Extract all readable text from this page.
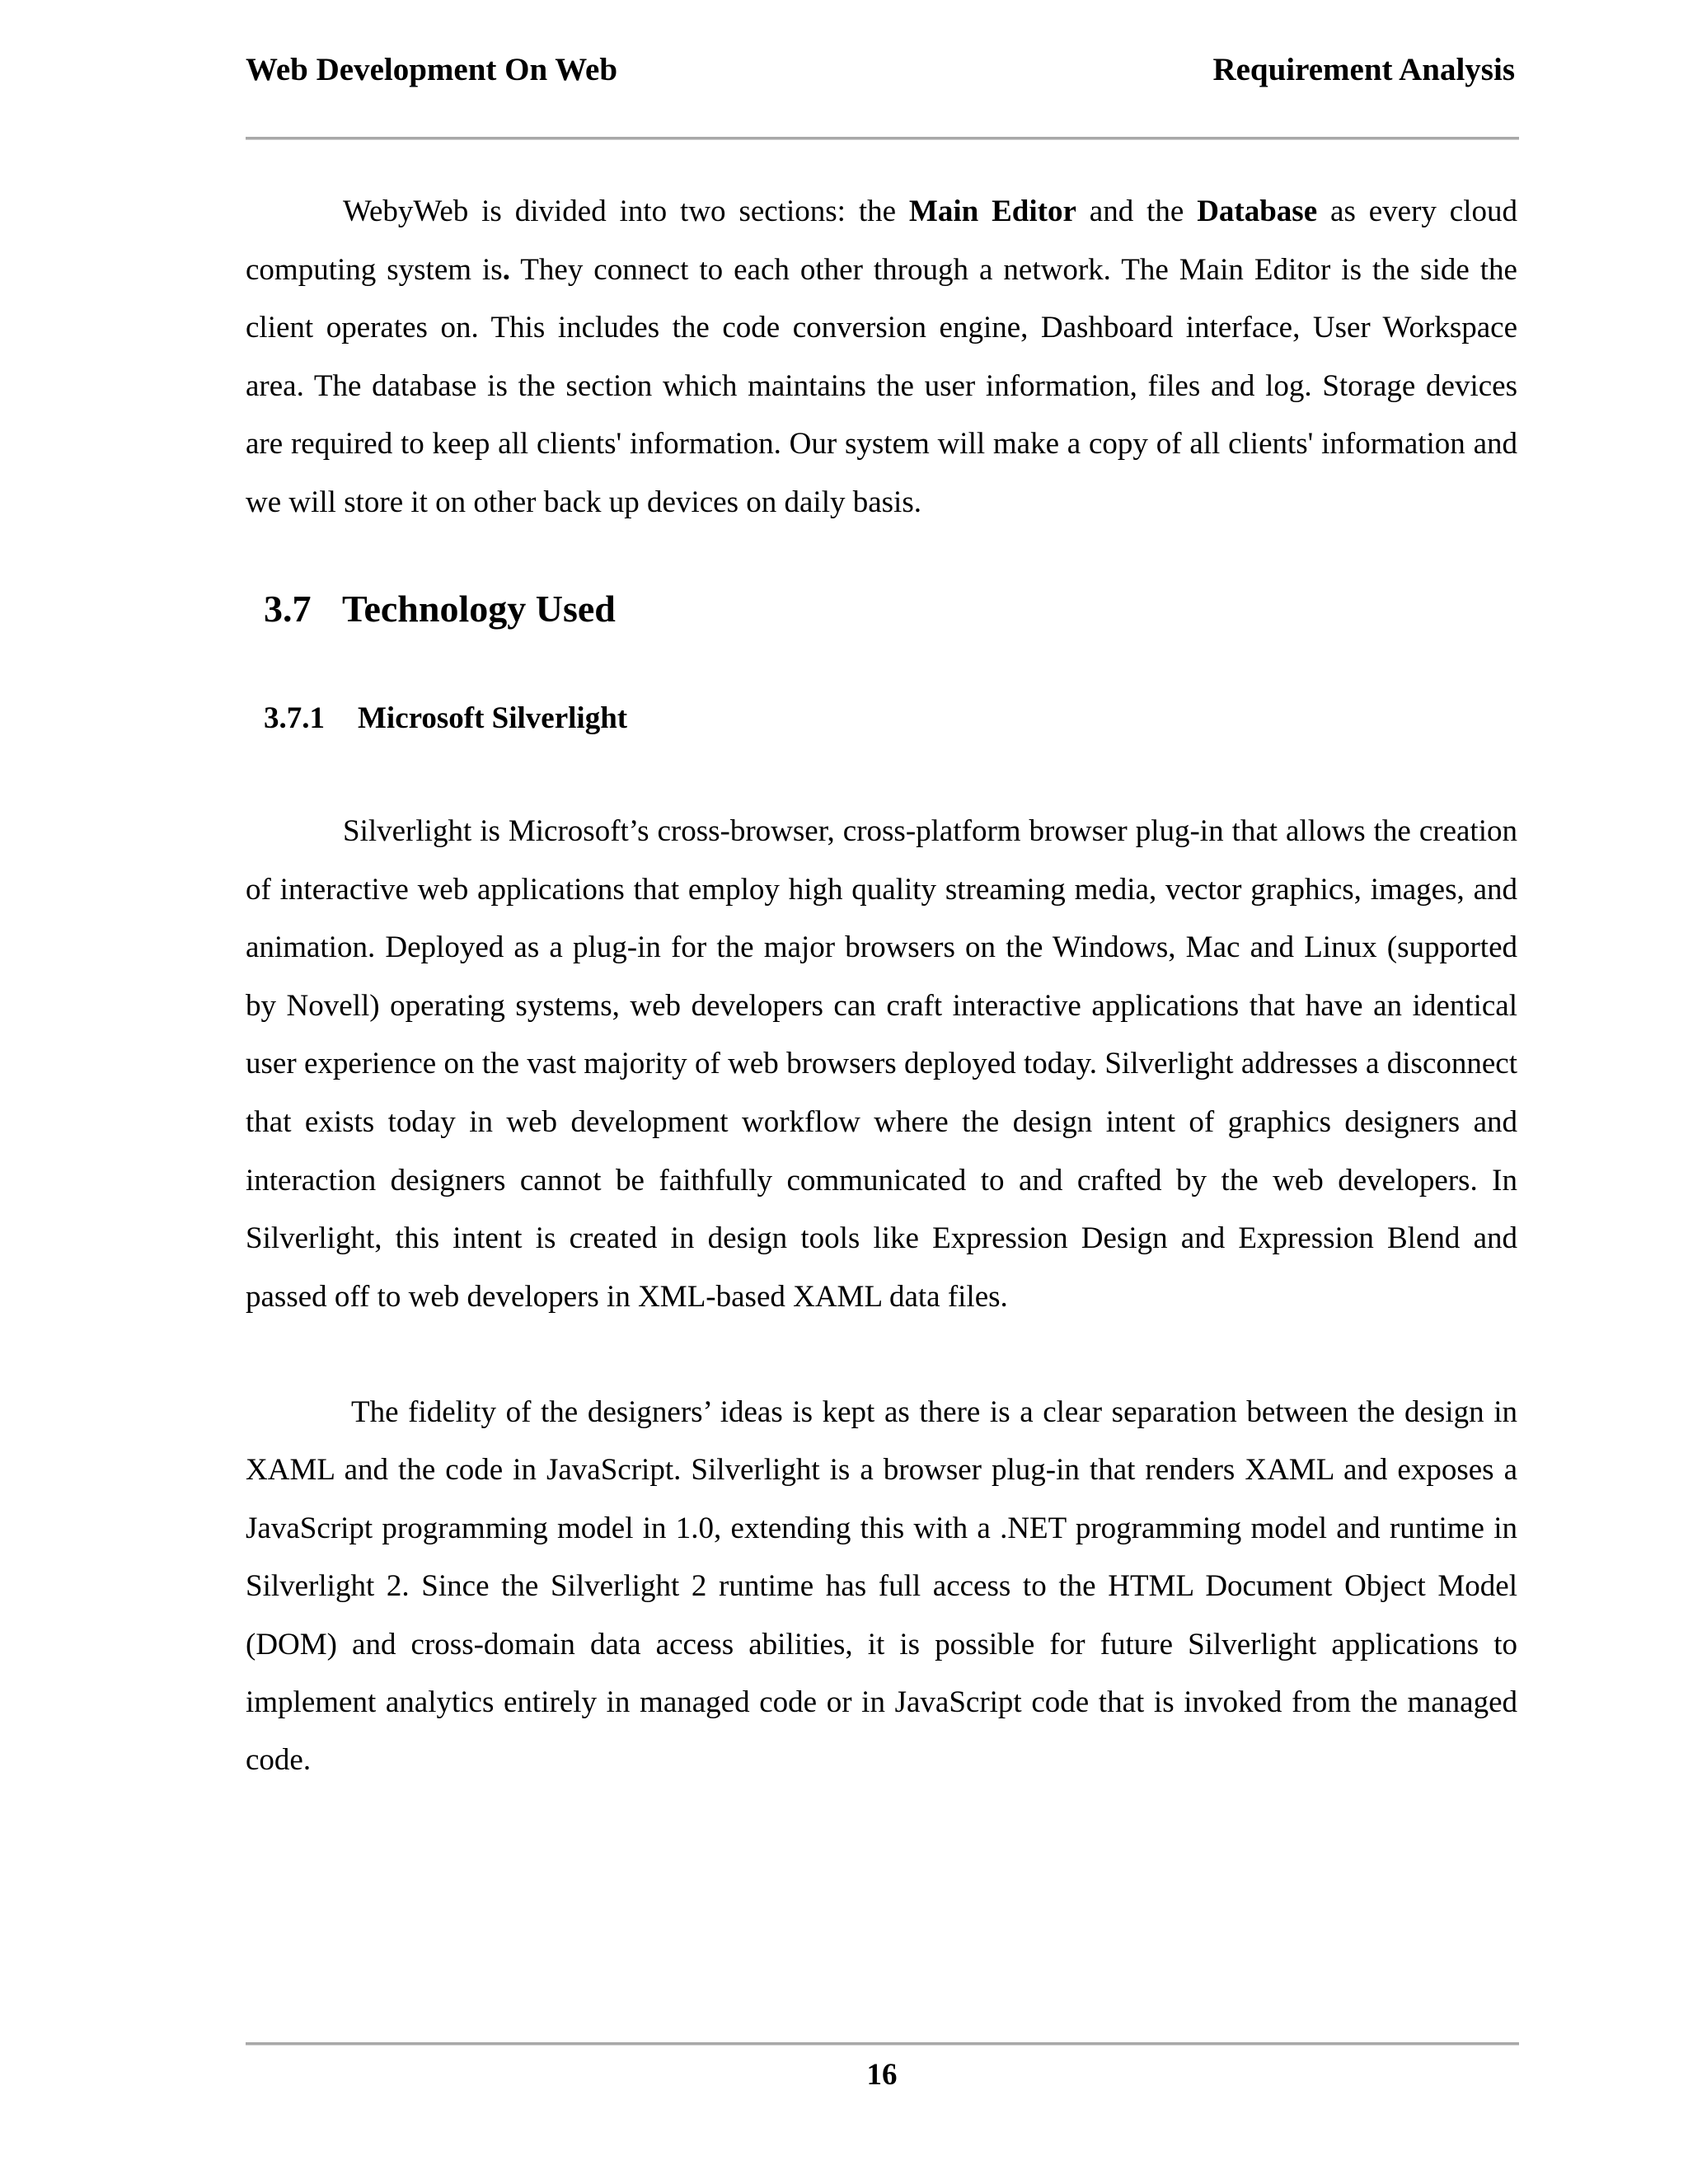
Web Development On Web	Requirement Analysis

WebyWeb is divided into two sections: the Main Editor and the Database as every cloud computing system is. They connect to each other through a network. The Main Editor is the side the client operates on. This includes the code conversion engine, Dashboard interface, User Workspace area. The database is the section which maintains the user information, files and log. Storage devices are required to keep all clients' information. Our system will make a copy of all clients' information and we will store it on other back up devices on daily basis.

3.7 Technology Used
3.7.1 Microsoft Silverlight

Silverlight is Microsoft’s cross-browser, cross-platform browser plug-in that allows the creation of interactive web applications that employ high quality streaming media, vector graphics, images, and animation. Deployed as a plug-in for the major browsers on the Windows, Mac and Linux (supported by Novell) operating systems, web developers can craft interactive applications that have an identical user experience on the vast majority of web browsers deployed today. Silverlight addresses a disconnect that exists today in web development workflow where the design intent of graphics designers and interaction designers cannot be faithfully communicated to and crafted by the web developers. In Silverlight, this intent is created in design tools like Expression Design and Expression Blend and passed off to web developers in XML-based XAML data files.

The fidelity of the designers’ ideas is kept as there is a clear separation between the design in XAML and the code in JavaScript. Silverlight is a browser plug-in that renders XAML and exposes a JavaScript programming model in 1.0, extending this with a .NET programming model and runtime in Silverlight 2. Since the Silverlight 2 runtime has full access to the HTML Document Object Model (DOM) and cross-domain data access abilities, it is possible for future Silverlight applications to implement analytics entirely in managed code or in JavaScript code that is invoked from the managed code.

16
